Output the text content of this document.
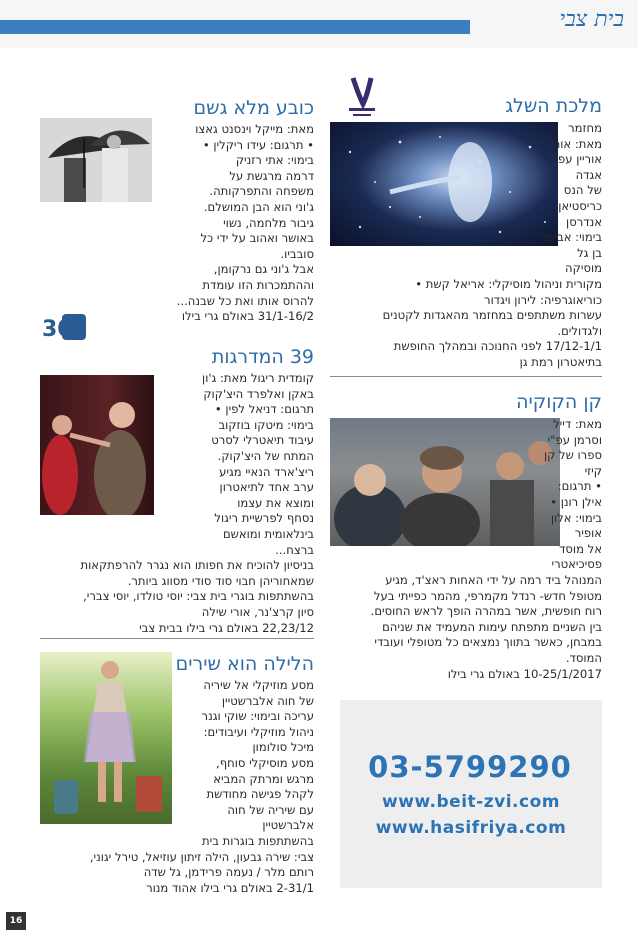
בית צבי
מלכת השלג
מחזמר
מאת: אורי
אוריין עפ"י
אגדה
של הנס
כריסטיאן
אנדרסן
בימוי: אבישי
בן גל
מוסיקה
מקורית וניהול מוסיקלי: אריאל קשת •
כוריאוגרפיה: לירון ויגדור
עשרות משתתפים במחזמר מהאגדות לקטנים
ולגדולים.
17/12-1/1 לפני החנוכה ובמהלך החופשת
בתיאטרון רמת גן
קן הקוקיה
מאת: דייל
וסרמן עפ"י
ספרו של קן
קיזי
• תרגום:
אילן רונן •
בימוי: אלון
אופיר
אל מוסד
פסיכיאטרי
המנוהל ביד רמה על ידי האחות ראצ'ד, מגיע
מטופל חדש- רנדל מקמרפי, מהמר כפייתי בעל
רוח חופשית, אשר במהרה הופך לראש החוסים.
בין השניים מתפתח עימות המעמיד את שניהם
במבחן, כאשר בתווך נמצאים כל מטופלי ועובדי
המוסד.
10-25/1/2017 באולם גרי בילו
כובע מלא גשם
מאת: מייקל וינסנט גאצו
• תרגום: עידו ריקלין •
בימוי: אתי רזניק
דרמה מרגשת על
משפחה והתפרקותה.
ג'וני הוא הבן המושלם.
גיבור מלחמה, נשוי
באושר ואהוב על ידי כל
סובביו.
אבל ג'וני גם נרקומן,
וההתמכרות הזו עומדת
להרוס אותו ואת כל שבנה...
31/1-16/2 באולם גרי בילו
30
39 המדרגות
קומדית ריגול מאת: ג'ון
באקן ואלפרד היצ'קוק
תרגום: דניאל לפין •
בימוי: מיטקו בוזקוב
עיבוד תיאטרלי לסרט
המתח של היצ'קוק.
ריצ'ארד הנאיי מגיע
ערב אחד לתיאטרון
ומוצא את עצמו
נסחף לפרשיית ריגול
בינלאומית ומואשם
ברצח...
בניסיון להוכיח את חפותו הוא נגרר להרפתקאות
שמאחוריהן חבוי סוד סודי מסווג ביותר.
בהשתתפות בוגרי בית צבי: יוסי טולדו, יוסי צברי,
סיון קרצ'נר, אורי שילה
22,23/12 באולם גרי בילו בבית צבי
הלילה הוא שירים
מסע מוזיקלי אל שיריה
של חוה אלברשטיין
עריכה ובימוי: שוקי וגנר
ניהול מוזיקלי ועיבודים:
מיכל סולומון
מסע מוסיקלי סוחף,
מרגש ומרתק המביא
לקהל פגישה מחודשת
עם שיריה של חוה
אלברשטיין
בהשתתפות בוגרות בית
צבי: שירה גבעון, הילה זיתון עוזיאל, טירל יגוני,
רותם מלר / נעמה פרידמן, גל שדה
2-31/1 באולם גרי בילו אהוד מנור
03-5799290
www.beit-zvi.com
www.hasifriya.com
16
